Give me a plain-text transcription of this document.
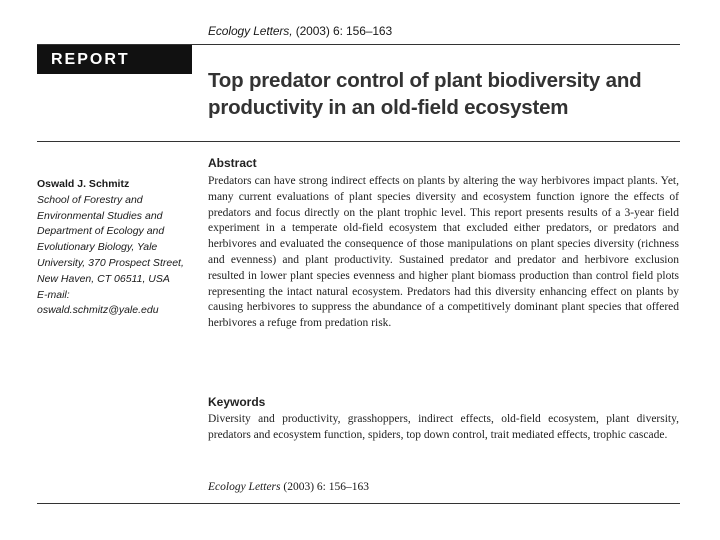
Ecology Letters, (2003) 6: 156–163
REPORT
Top predator control of plant biodiversity and productivity in an old-field ecosystem
Abstract
Oswald J. Schmitz
School of Forestry and Environmental Studies and Department of Ecology and Evolutionary Biology, Yale University, 370 Prospect Street, New Haven, CT 06511, USA
E-mail:
oswald.schmitz@yale.edu
Predators can have strong indirect effects on plants by altering the way herbivores impact plants. Yet, many current evaluations of plant species diversity and ecosystem function ignore the effects of predators and focus directly on the plant trophic level. This report presents results of a 3-year field experiment in a temperate old-field ecosystem that excluded either predators, or predators and herbivores and evaluated the consequence of those manipulations on plant species diversity (richness and evenness) and plant productivity. Sustained predator and predator and herbivore exclusion resulted in lower plant species evenness and higher plant biomass production than control field plots representing the intact natural ecosystem. Predators had this diversity enhancing effect on plants by causing herbivores to suppress the abundance of a competitively dominant plant species that offered herbivores a refuge from predation risk.
Keywords
Diversity and productivity, grasshoppers, indirect effects, old-field ecosystem, plant diversity, predators and ecosystem function, spiders, top down control, trait mediated effects, trophic cascade.
Ecology Letters (2003) 6: 156–163
